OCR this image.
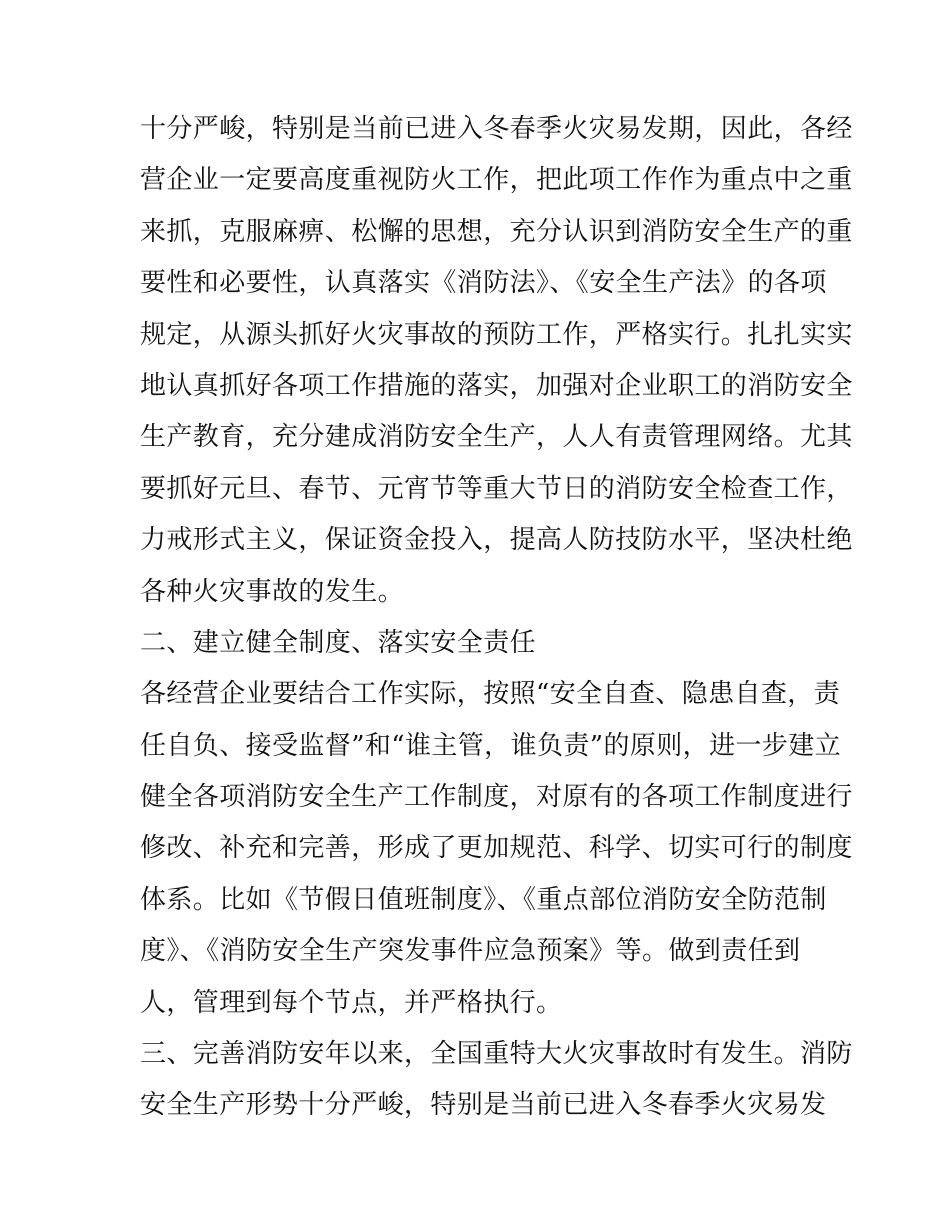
十分严峻，特别是当前已进入冬春季火灾易发期，因此，各经
营企业一定要高度重视防火工作，把此项工作作为重点中之重
来抓，克服麻痹、松懈的思想，充分认识到消防安全生产的重
要性和必要性，认真落实《消防法》、《安全生产法》的各项
规定，从源头抓好火灾事故的预防工作，严格实行。扎扎实实
地认真抓好各项工作措施的落实，加强对企业职工的消防安全
生产教育，充分建成消防安全生产，人人有责管理网络。尤其
要抓好元旦、春节、元宵节等重大节日的消防安全检查工作，
力戒形式主义，保证资金投入，提高人防技防水平，坚决杜绝
各种火灾事故的发生。
二、建立健全制度、落实安全责任
各经营企业要结合工作实际，按照“安全自查、隐患自查，责
任自负、接受监督”和“谁主管，谁负责”的原则，进一步建立
健全各项消防安全生产工作制度，对原有的各项工作制度进行
修改、补充和完善，形成了更加规范、科学、切实可行的制度
体系。比如《节假日值班制度》、《重点部位消防安全防范制
度》、《消防安全生产突发事件应急预案》等。做到责任到
人，管理到每个节点，并严格执行。
三、完善消防安年以来，全国重特大火灾事故时有发生。消防
安全生产形势十分严峻，特别是当前已进入冬春季火灾易发
